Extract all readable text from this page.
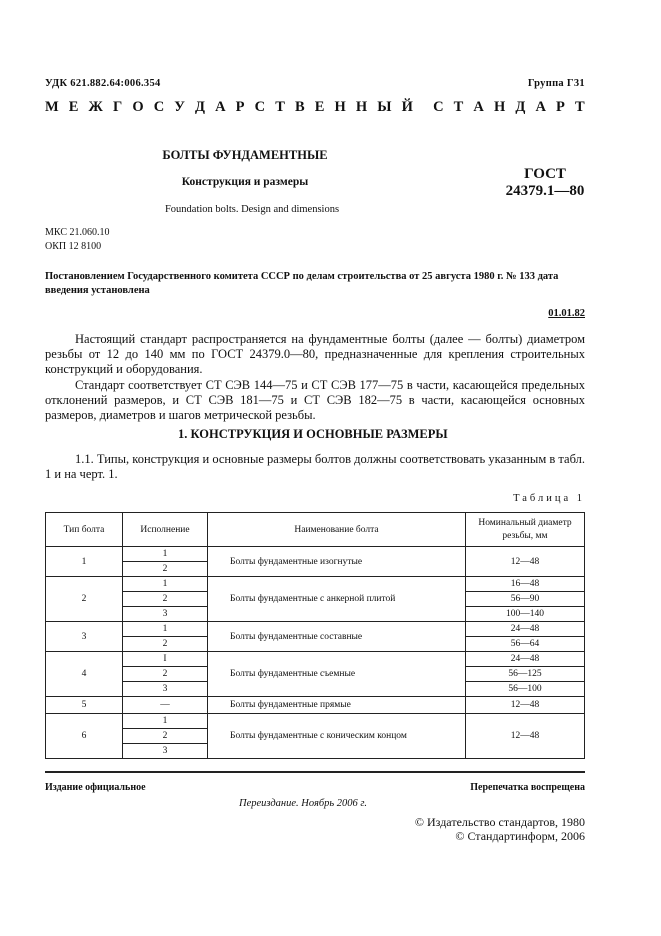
УДК 621.882.64:006.354	Группа Г31
М Е Ж Г О С У Д А Р С Т В Е Н Н Ы Й С Т А Н Д А Р Т
БОЛТЫ ФУНДАМЕНТНЫЕ
Конструкция и размеры
Foundation bolts. Design and dimensions
ГОСТ
24379.1—80
МКС 21.060.10
ОКП 12 8100
Постановлением Государственного комитета СССР по делам строительства от 25 августа 1980 г. № 133 дата введения установлена
01.01.82
Настоящий стандарт распространяется на фундаментные болты (далее — болты) диаметром резьбы от 12 до 140 мм по ГОСТ 24379.0—80, предназначенные для крепления строительных конструкций и оборудования.
Стандарт соответствует СТ СЭВ 144—75 и СТ СЭВ 177—75 в части, касающейся предельных отклонений размеров, и СТ СЭВ 181—75 и СТ СЭВ 182—75 в части, касающейся основных размеров, диаметров и шагов метрической резьбы.
1. КОНСТРУКЦИЯ И ОСНОВНЫЕ РАЗМЕРЫ
1.1. Типы, конструкция и основные размеры болтов должны соответствовать указанным в табл. 1 и на черт. 1.
Таблица 1
Тип болта	Исполнение	Наименование болта	Номинальный диаметр резьбы, мм
1	1	Болты фундаментные изогнутые	12—48
	2		
2	1	Болты фундаментные с анкерной плитой	16—48
	2		56—90
	3		100—140
3	1	Болты фундаментные составные	24—48
	2		56—64
4	I	Болты фундаментные съемные	24—48
	2		56—125
	3		56—100
5	—	Болты фундаментные прямые	12—48
6	1	Болты фундаментные с коническим концом	12—48
	2		
	3		
Издание официальное	Перепечатка воспрещена
Переиздание. Ноябрь 2006 г.
© Издательство стандартов, 1980
© Стандартинформ, 2006
